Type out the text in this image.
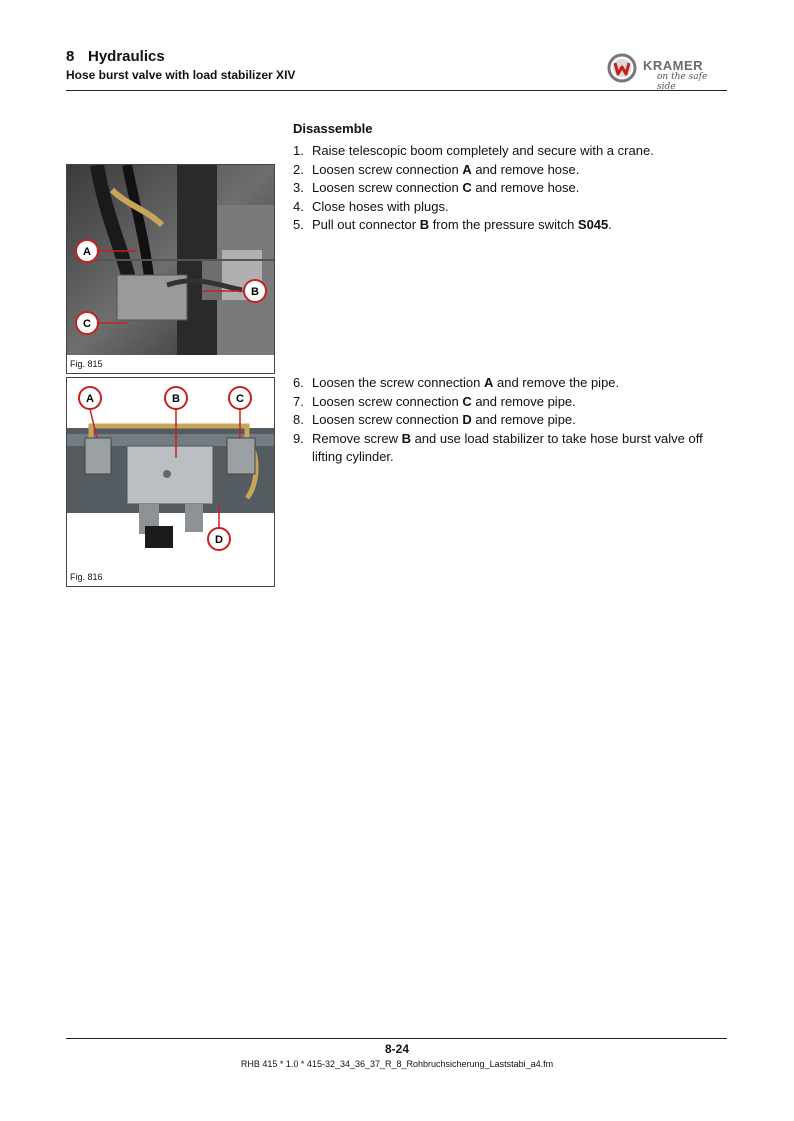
8 Hydraulics
Hose burst valve with load stabilizer XIV
KRAMER
on the safe side
Disassemble
1. Raise telescopic boom completely and secure with a crane.
2. Loosen screw connection A and remove hose.
3. Loosen screw connection C and remove hose.
4. Close hoses with plugs.
5. Pull out connector B from the pressure switch S045.
6. Loosen the screw connection A and remove the pipe.
7. Loosen screw connection C and remove pipe.
8. Loosen screw connection D and remove pipe.
9. Remove screw B and use load stabilizer to take hose burst valve off lifting cylinder.
A
B
C
Fig. 815
A	B	C
D
Fig. 816
8-24
RHB 415 * 1.0 * 415-32_34_36_37_R_8_Rohbruchsicherung_Laststabi_a4.fm
